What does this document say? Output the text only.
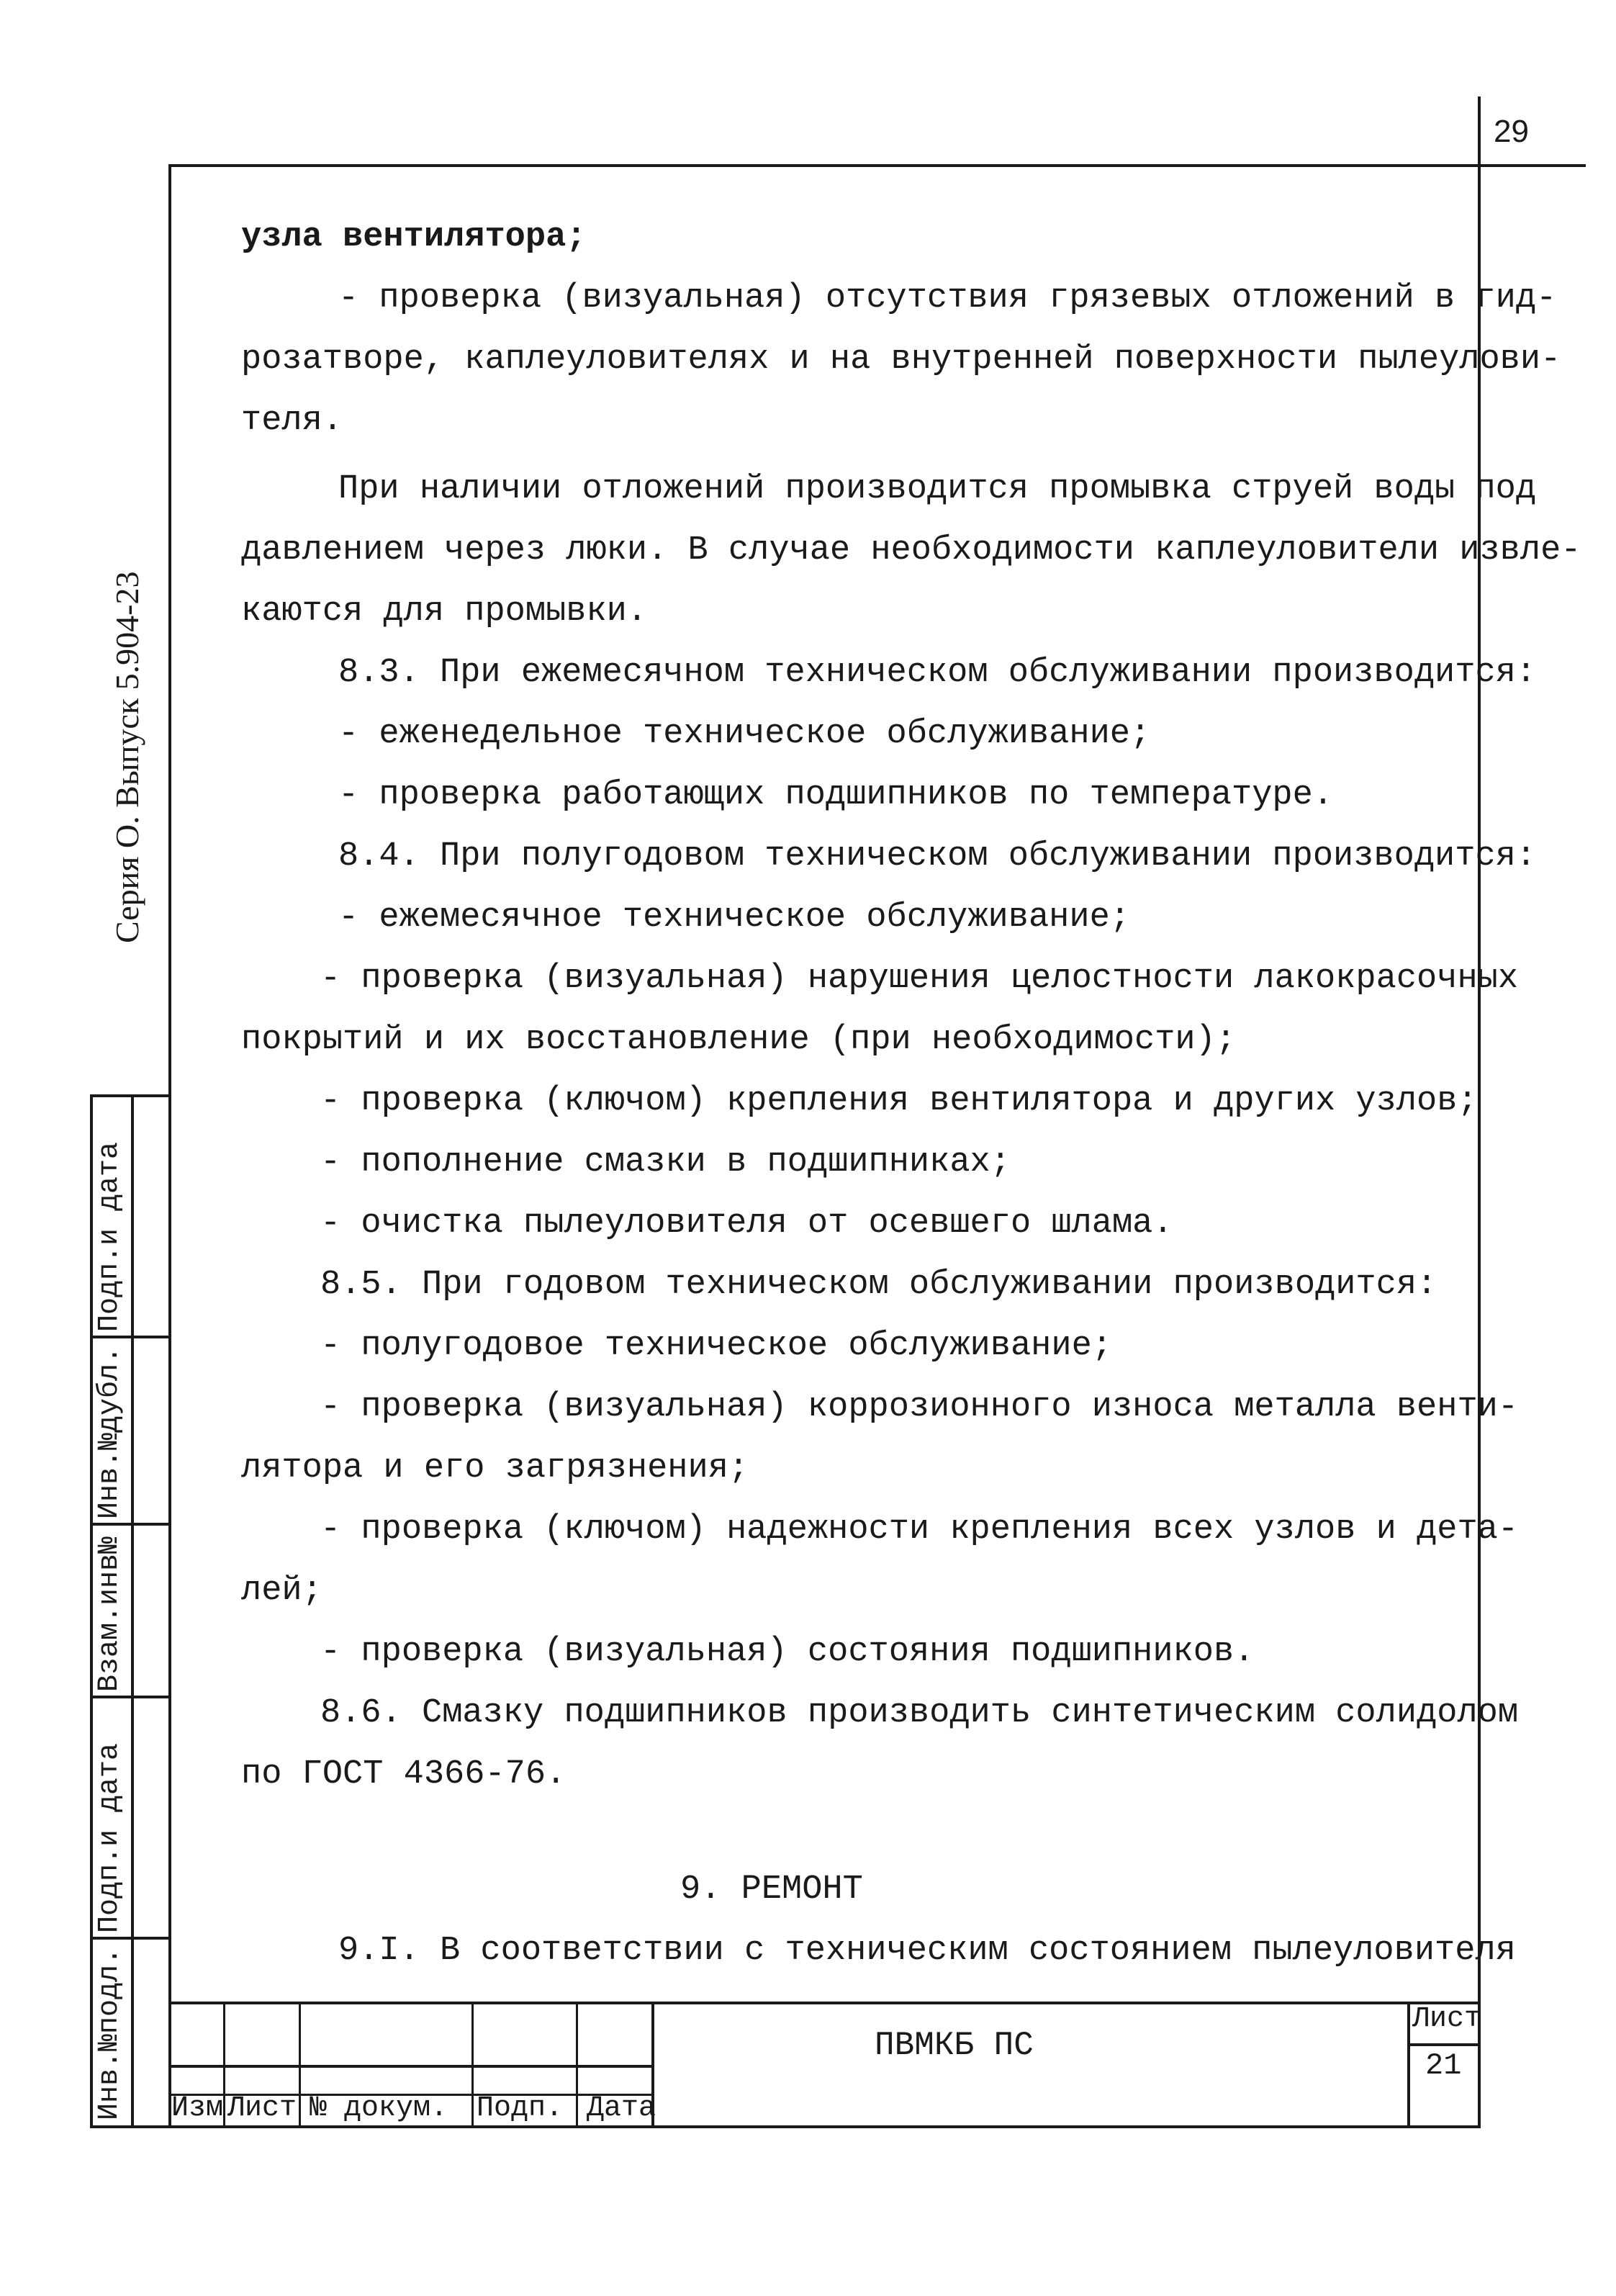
29
Инв.№подл.
Подп.и дата
Взам.инв№
Инв.№дубл.
Подп.и дата
Серия О. Выпуск 5.904-23
узла вентилятора;
- проверка (визуальная) отсутствия грязевых отложений в гид-
розатворе, каплеуловителях и на внутренней поверхности пылеулови-
теля.
При наличии отложений производится промывка струей воды под
давлением через люки. В случае необходимости каплеуловители извле-
каются для промывки.
8.3. При ежемесячном техническом обслуживании производится:
- еженедельное техническое обслуживание;
- проверка работающих подшипников по температуре.
8.4. При полугодовом техническом обслуживании производится:
- ежемесячное техническое обслуживание;
- проверка (визуальная) нарушения целостности лакокрасочных
покрытий и их восстановление (при необходимости);
- проверка (ключом) крепления вентилятора и других узлов;
- пополнение смазки в подшипниках;
- очистка пылеуловителя от осевшего шлама.
8.5. При годовом техническом обслуживании производится:
- полугодовое техническое обслуживание;
- проверка (визуальная) коррозионного износа металла венти-
лятора и его загрязнения;
- проверка (ключом) надежности крепления всех узлов и дета-
лей;
- проверка (визуальная) состояния подшипников.
8.6. Смазку подшипников производить синтетическим солидолом
по ГОСТ 4366-76.
9. РЕМОНТ
9.I. В соответствии с техническим состоянием пылеуловителя
ПВМКБ ПС
Лист
21
Изм Лист № докум. Подп. Дата
